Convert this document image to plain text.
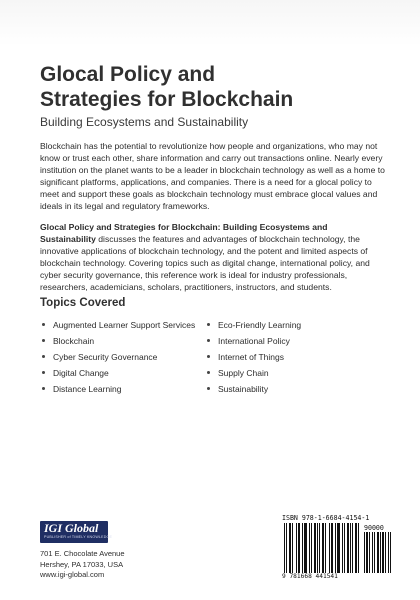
Glocal Policy and
Strategies for Blockchain

Building Ecosystems and Sustainability

Blockchain has the potential to revolutionize how people and organizations, who may not know or trust each other, share information and carry out transactions online. Nearly every institution on the planet wants to be a leader in blockchain technology as well as a home to significant platforms, applications, and companies. There is a need for a glocal policy to meet and support these goals as blockchain technology must embrace glocal values and ideals in its legal and regulatory frameworks.

Glocal Policy and Strategies for Blockchain: Building Ecosystems and Sustainability discusses the features and advantages of blockchain technology, the innovative applications of blockchain technology, and the potent and limited aspects of blockchain technology. Covering topics such as digital change, international policy, and cyber security governance, this reference work is ideal for industry professionals, researchers, academicians, scholars, practitioners, instructors, and students.

Topics Covered
Augmented Learner Support Services
Blockchain
Cyber Security Governance
Digital Change
Distance Learning
Eco-Friendly Learning
International Policy
Internet of Things
Supply Chain
Sustainability
IGI Global
PUBLISHER of TIMELY KNOWLEDGE

701 E. Chocolate Avenue
Hershey, PA 17033, USA
www.igi-global.com

ISBN 978-1-6684-4154-1
90000
9 781668 441541
